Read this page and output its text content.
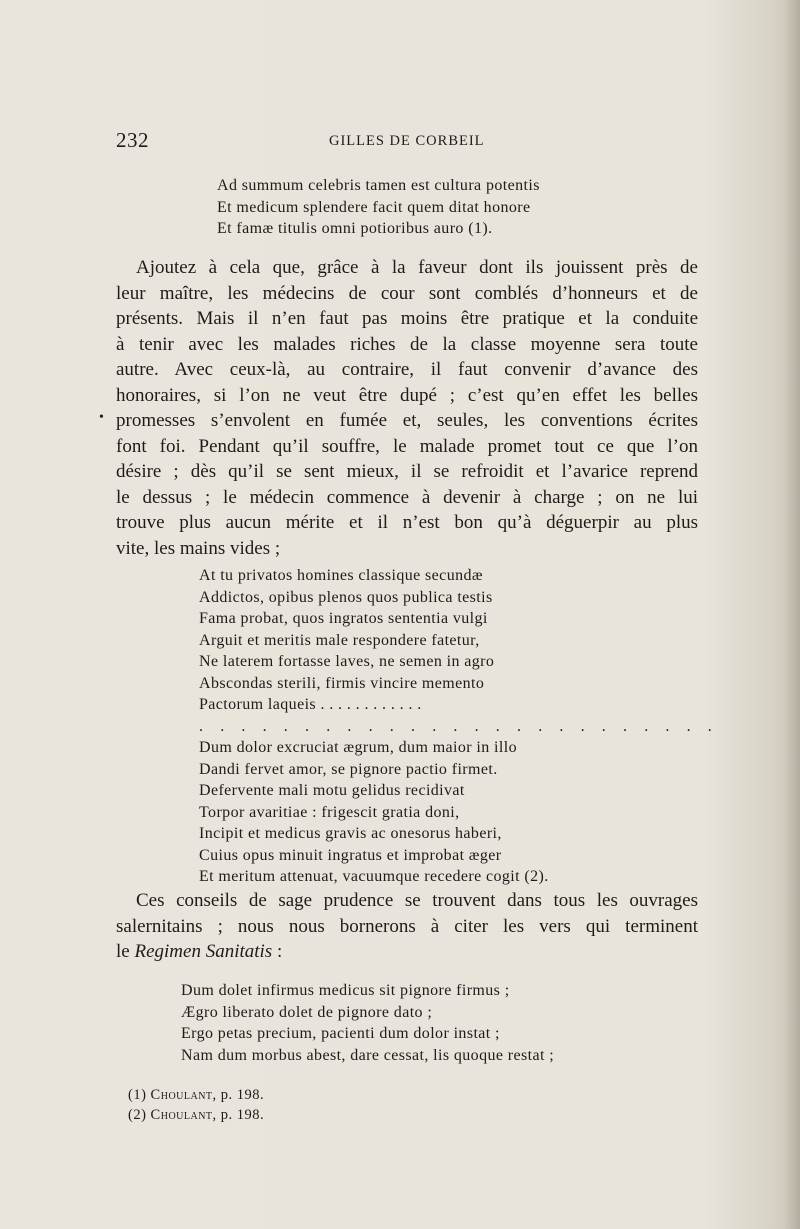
232	GILLES DE CORBEIL
Ad summum celebris tamen est cultura potentis
Et medicum splendere facit quem ditat honore
Et famæ titulis omni potioribus auro (1).
Ajoutez à cela que, grâce à la faveur dont ils jouissent près de
leur maître, les médecins de cour sont comblés d’honneurs et de
présents. Mais il n’en faut pas moins être pratique et la conduite
à tenir avec les malades riches de la classe moyenne sera toute
autre. Avec ceux-là, au contraire, il faut convenir d’avance des
honoraires, si l’on ne veut être dupé ; c’est qu’en effet les belles
promesses s’envolent en fumée et, seules, les conventions écrites
font foi. Pendant qu’il souffre, le malade promet tout ce que l’on
désire ; dès qu’il se sent mieux, il se refroidit et l’avarice reprend
le dessus ; le médecin commence à devenir à charge ; on ne lui
trouve plus aucun mérite et il n’est bon qu’à déguerpir au plus
vite, les mains vides ;
•
At tu privatos homines classique secundæ
Addictos, opibus plenos quos publica testis
Fama probat, quos ingratos sententia vulgi
Arguit et meritis male respondere fatetur,
Ne laterem fortasse laves, ne semen in agro
Abscondas sterili, firmis vincire memento
Pactorum laqueis . . . . . . . . . . . .
. . . . . . . . . . . . . . . . . . . . . . . . .
Dum dolor excruciat ægrum, dum maior in illo
Dandi fervet amor, se pignore pactio firmet.
Defervente mali motu gelidus recidivat
Torpor avaritiae : frigescit gratia doni,
Incipit et medicus gravis ac onesorus haberi,
Cuius opus minuit ingratus et improbat æger
Et meritum attenuat, vacuumque recedere cogit (2).
Ces conseils de sage prudence se trouvent dans tous les ouvrages
salernitains ; nous nous bornerons à citer les vers qui terminent
le Regimen Sanitatis :
Dum dolet infirmus medicus sit pignore firmus ;
Ægro liberato dolet de pignore dato ;
Ergo petas precium, pacienti dum dolor instat ;
Nam dum morbus abest, dare cessat, lis quoque restat ;
(1) Choulant, p. 198.
(2) Choulant, p. 198.
